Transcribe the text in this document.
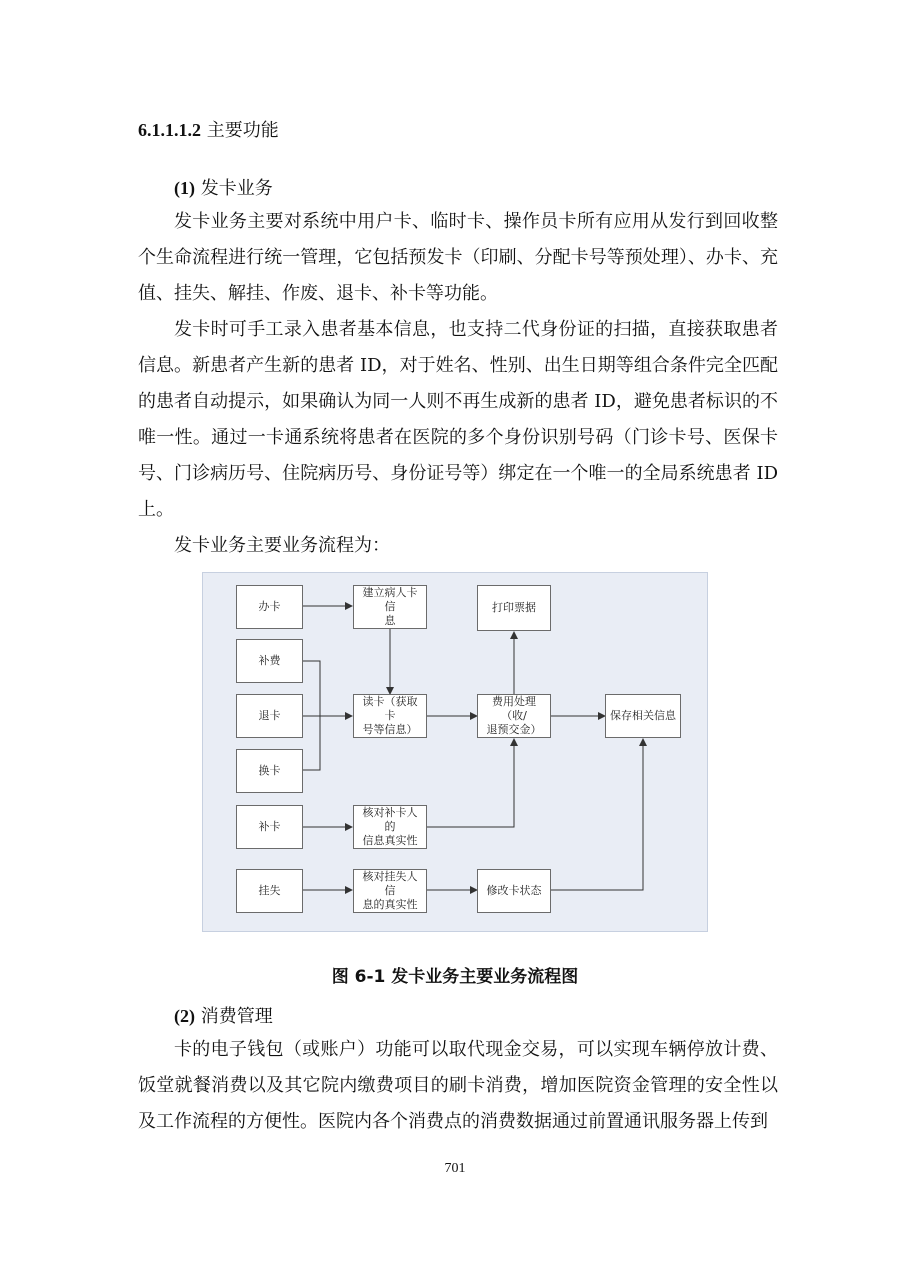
6.1.1.1.2 主要功能
(1) 发卡业务
发卡业务主要对系统中用户卡、临时卡、操作员卡所有应用从发行到回收整个生命流程进行统一管理，它包括预发卡（印刷、分配卡号等预处理）、办卡、充值、挂失、解挂、作废、退卡、补卡等功能。
发卡时可手工录入患者基本信息，也支持二代身份证的扫描，直接获取患者信息。新患者产生新的患者 ID，对于姓名、性别、出生日期等组合条件完全匹配的患者自动提示，如果确认为同一人则不再生成新的患者 ID，避免患者标识的不唯一性。通过一卡通系统将患者在医院的多个身份识别号码（门诊卡号、医保卡号、门诊病历号、住院病历号、身份证号等）绑定在一个唯一的全局系统患者 ID 上。
发卡业务主要业务流程为：
办卡
补费
退卡
换卡
补卡
挂失
建立病人卡信
息
读卡（获取卡
号等信息）
核对补卡人的
信息真实性
核对挂失人信
息的真实性
打印票据
费用处理（收/
退预交金）
修改卡状态
保存相关信息
图 6-1 发卡业务主要业务流程图
(2) 消费管理
卡的电子钱包（或账户）功能可以取代现金交易，可以实现车辆停放计费、饭堂就餐消费以及其它院内缴费项目的刷卡消费，增加医院资金管理的安全性以及工作流程的方便性。医院内各个消费点的消费数据通过前置通讯服务器上传到
701
